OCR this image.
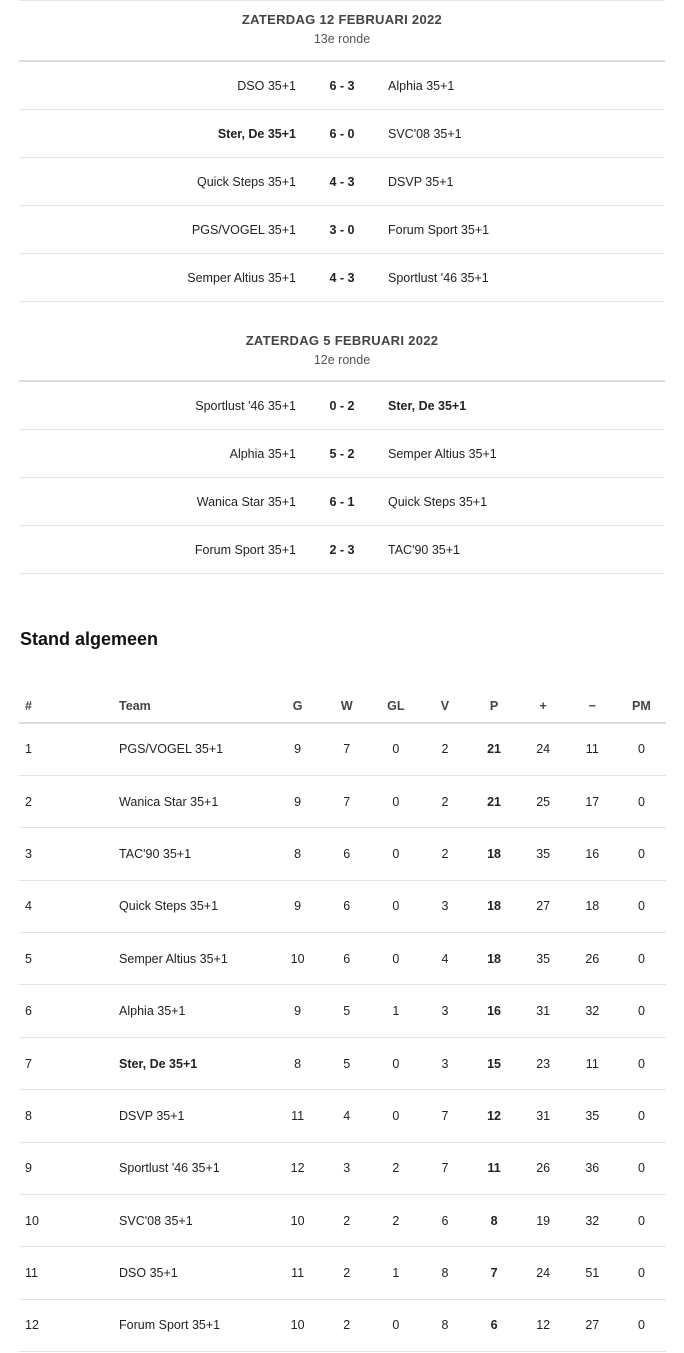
ZATERDAG 12 FEBRUARI 2022
13e ronde
DSO 35+1	6 - 3	Alphia 35+1
Ster, De 35+1	6 - 0	SVC'08 35+1
Quick Steps 35+1	4 - 3	DSVP 35+1
PGS/VOGEL 35+1	3 - 0	Forum Sport 35+1
Semper Altius 35+1	4 - 3	Sportlust '46 35+1
ZATERDAG 5 FEBRUARI 2022
12e ronde
Sportlust '46 35+1	0 - 2	Ster, De 35+1
Alphia 35+1	5 - 2	Semper Altius 35+1
Wanica Star 35+1	6 - 1	Quick Steps 35+1
Forum Sport 35+1	2 - 3	TAC'90 35+1
Stand algemeen
#	Team	G	W	GL	V	P	+	−	PM
1	PGS/VOGEL 35+1	9	7	0	2	21	24	11	0
2	Wanica Star 35+1	9	7	0	2	21	25	17	0
3	TAC'90 35+1	8	6	0	2	18	35	16	0
4	Quick Steps 35+1	9	6	0	3	18	27	18	0
5	Semper Altius 35+1	10	6	0	4	18	35	26	0
6	Alphia 35+1	9	5	1	3	16	31	32	0
7	Ster, De 35+1	8	5	0	3	15	23	11	0
8	DSVP 35+1	11	4	0	7	12	31	35	0
9	Sportlust '46 35+1	12	3	2	7	11	26	36	0
10	SVC'08 35+1	10	2	2	6	8	19	32	0
11	DSO 35+1	11	2	1	8	7	24	51	0
12	Forum Sport 35+1	10	2	0	8	6	12	27	0
